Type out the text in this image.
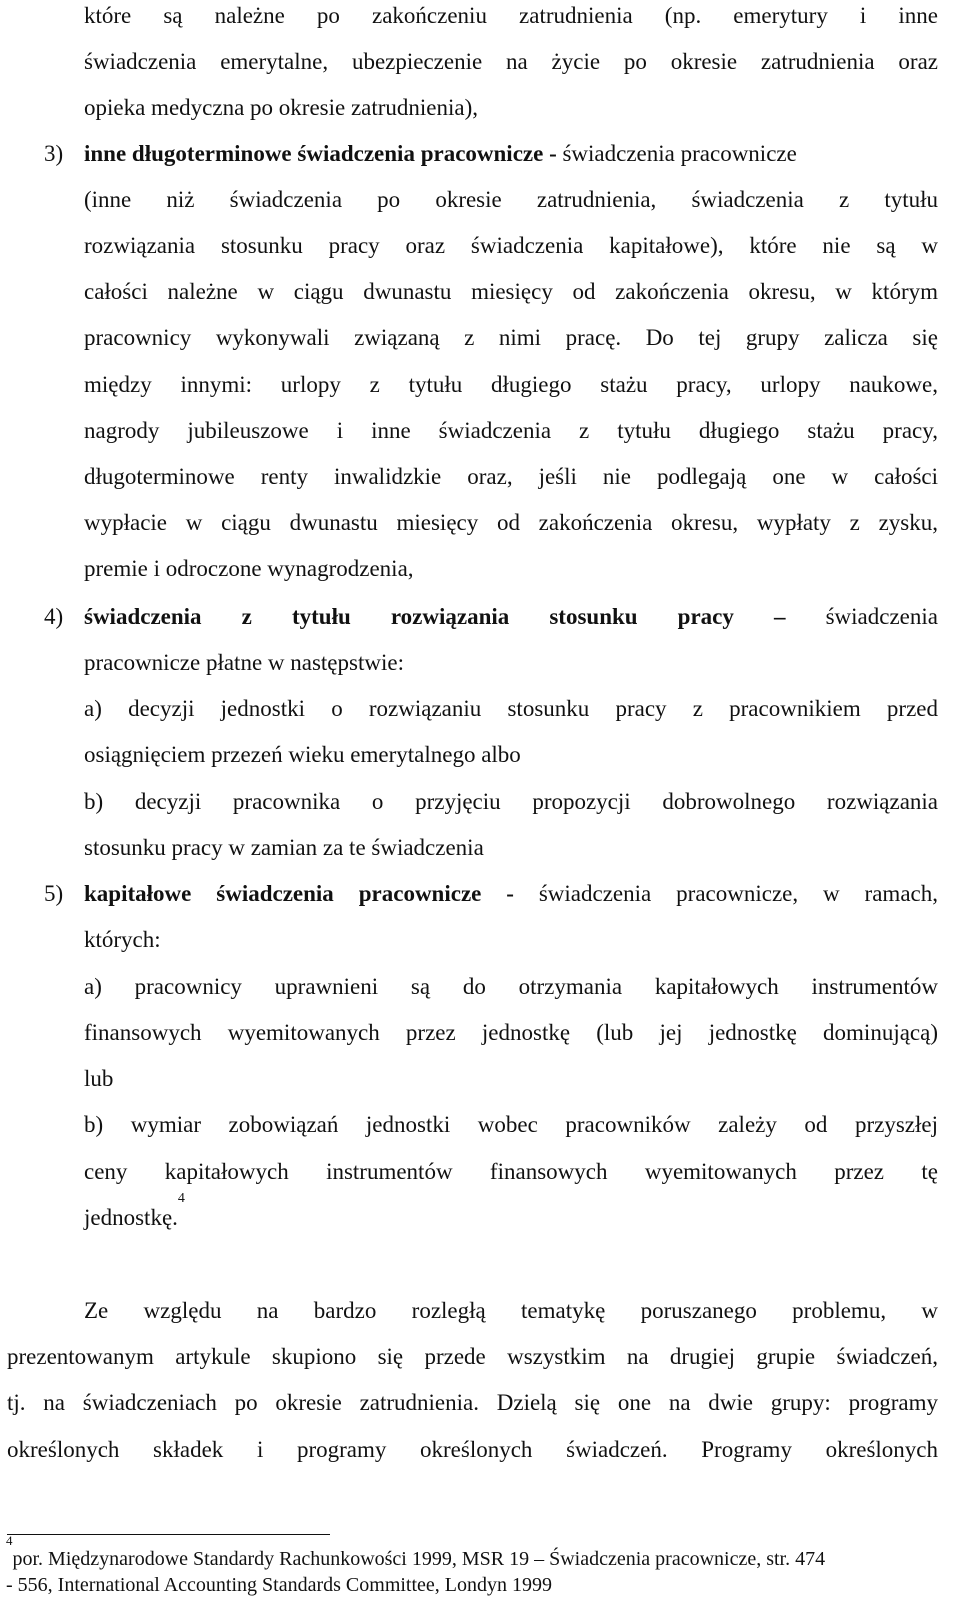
które są należne po zakończeniu zatrudnienia (np. emerytury i inne
świadczenia emerytalne, ubezpieczenie na życie po okresie zatrudnienia oraz
opieka medyczna po okresie zatrudnienia),
3) inne długoterminowe świadczenia pracownicze - świadczenia pracownicze
(inne niż świadczenia po okresie zatrudnienia, świadczenia z tytułu
rozwiązania stosunku pracy oraz świadczenia kapitałowe), które nie są w
całości należne w ciągu dwunastu miesięcy od zakończenia okresu, w którym
pracownicy wykonywali związaną z nimi pracę. Do tej grupy zalicza się
między innymi: urlopy z tytułu długiego stażu pracy, urlopy naukowe,
nagrody jubileuszowe i inne świadczenia z tytułu długiego stażu pracy,
długoterminowe renty inwalidzkie oraz, jeśli nie podlegają one w całości
wypłacie w ciągu dwunastu miesięcy od zakończenia okresu, wypłaty z zysku,
premie i odroczone wynagrodzenia,
4) świadczenia z tytułu rozwiązania stosunku pracy – świadczenia
pracownicze płatne w następstwie:
a) decyzji jednostki o rozwiązaniu stosunku pracy z pracownikiem przed
osiągnięciem przezeń wieku emerytalnego albo
b) decyzji pracownika o przyjęciu propozycji dobrowolnego rozwiązania
stosunku pracy w zamian za te świadczenia
5) kapitałowe świadczenia pracownicze - świadczenia pracownicze, w ramach,
których:
a) pracownicy uprawnieni są do otrzymania kapitałowych instrumentów
finansowych wyemitowanych przez jednostkę (lub jej jednostkę dominującą)
lub
b) wymiar zobowiązań jednostki wobec pracowników zależy od przyszłej
ceny kapitałowych instrumentów finansowych wyemitowanych przez tę
jednostkę.$^4$
Ze względu na bardzo rozległą tematykę poruszanego problemu, w
prezentowanym artykule skupiono się przede wszystkim na drugiej grupie świadczeń,
tj. na świadczeniach po okresie zatrudnienia. Dzielą się one na dwie grupy: programy
określonych składek i programy określonych świadczeń. Programy określonych
$^4$por. Międzynarodowe Standardy Rachunkowości 1999, MSR 19 – Świadczenia pracownicze, str. 474
- 556, International Accounting Standards Committee, Londyn 1999
